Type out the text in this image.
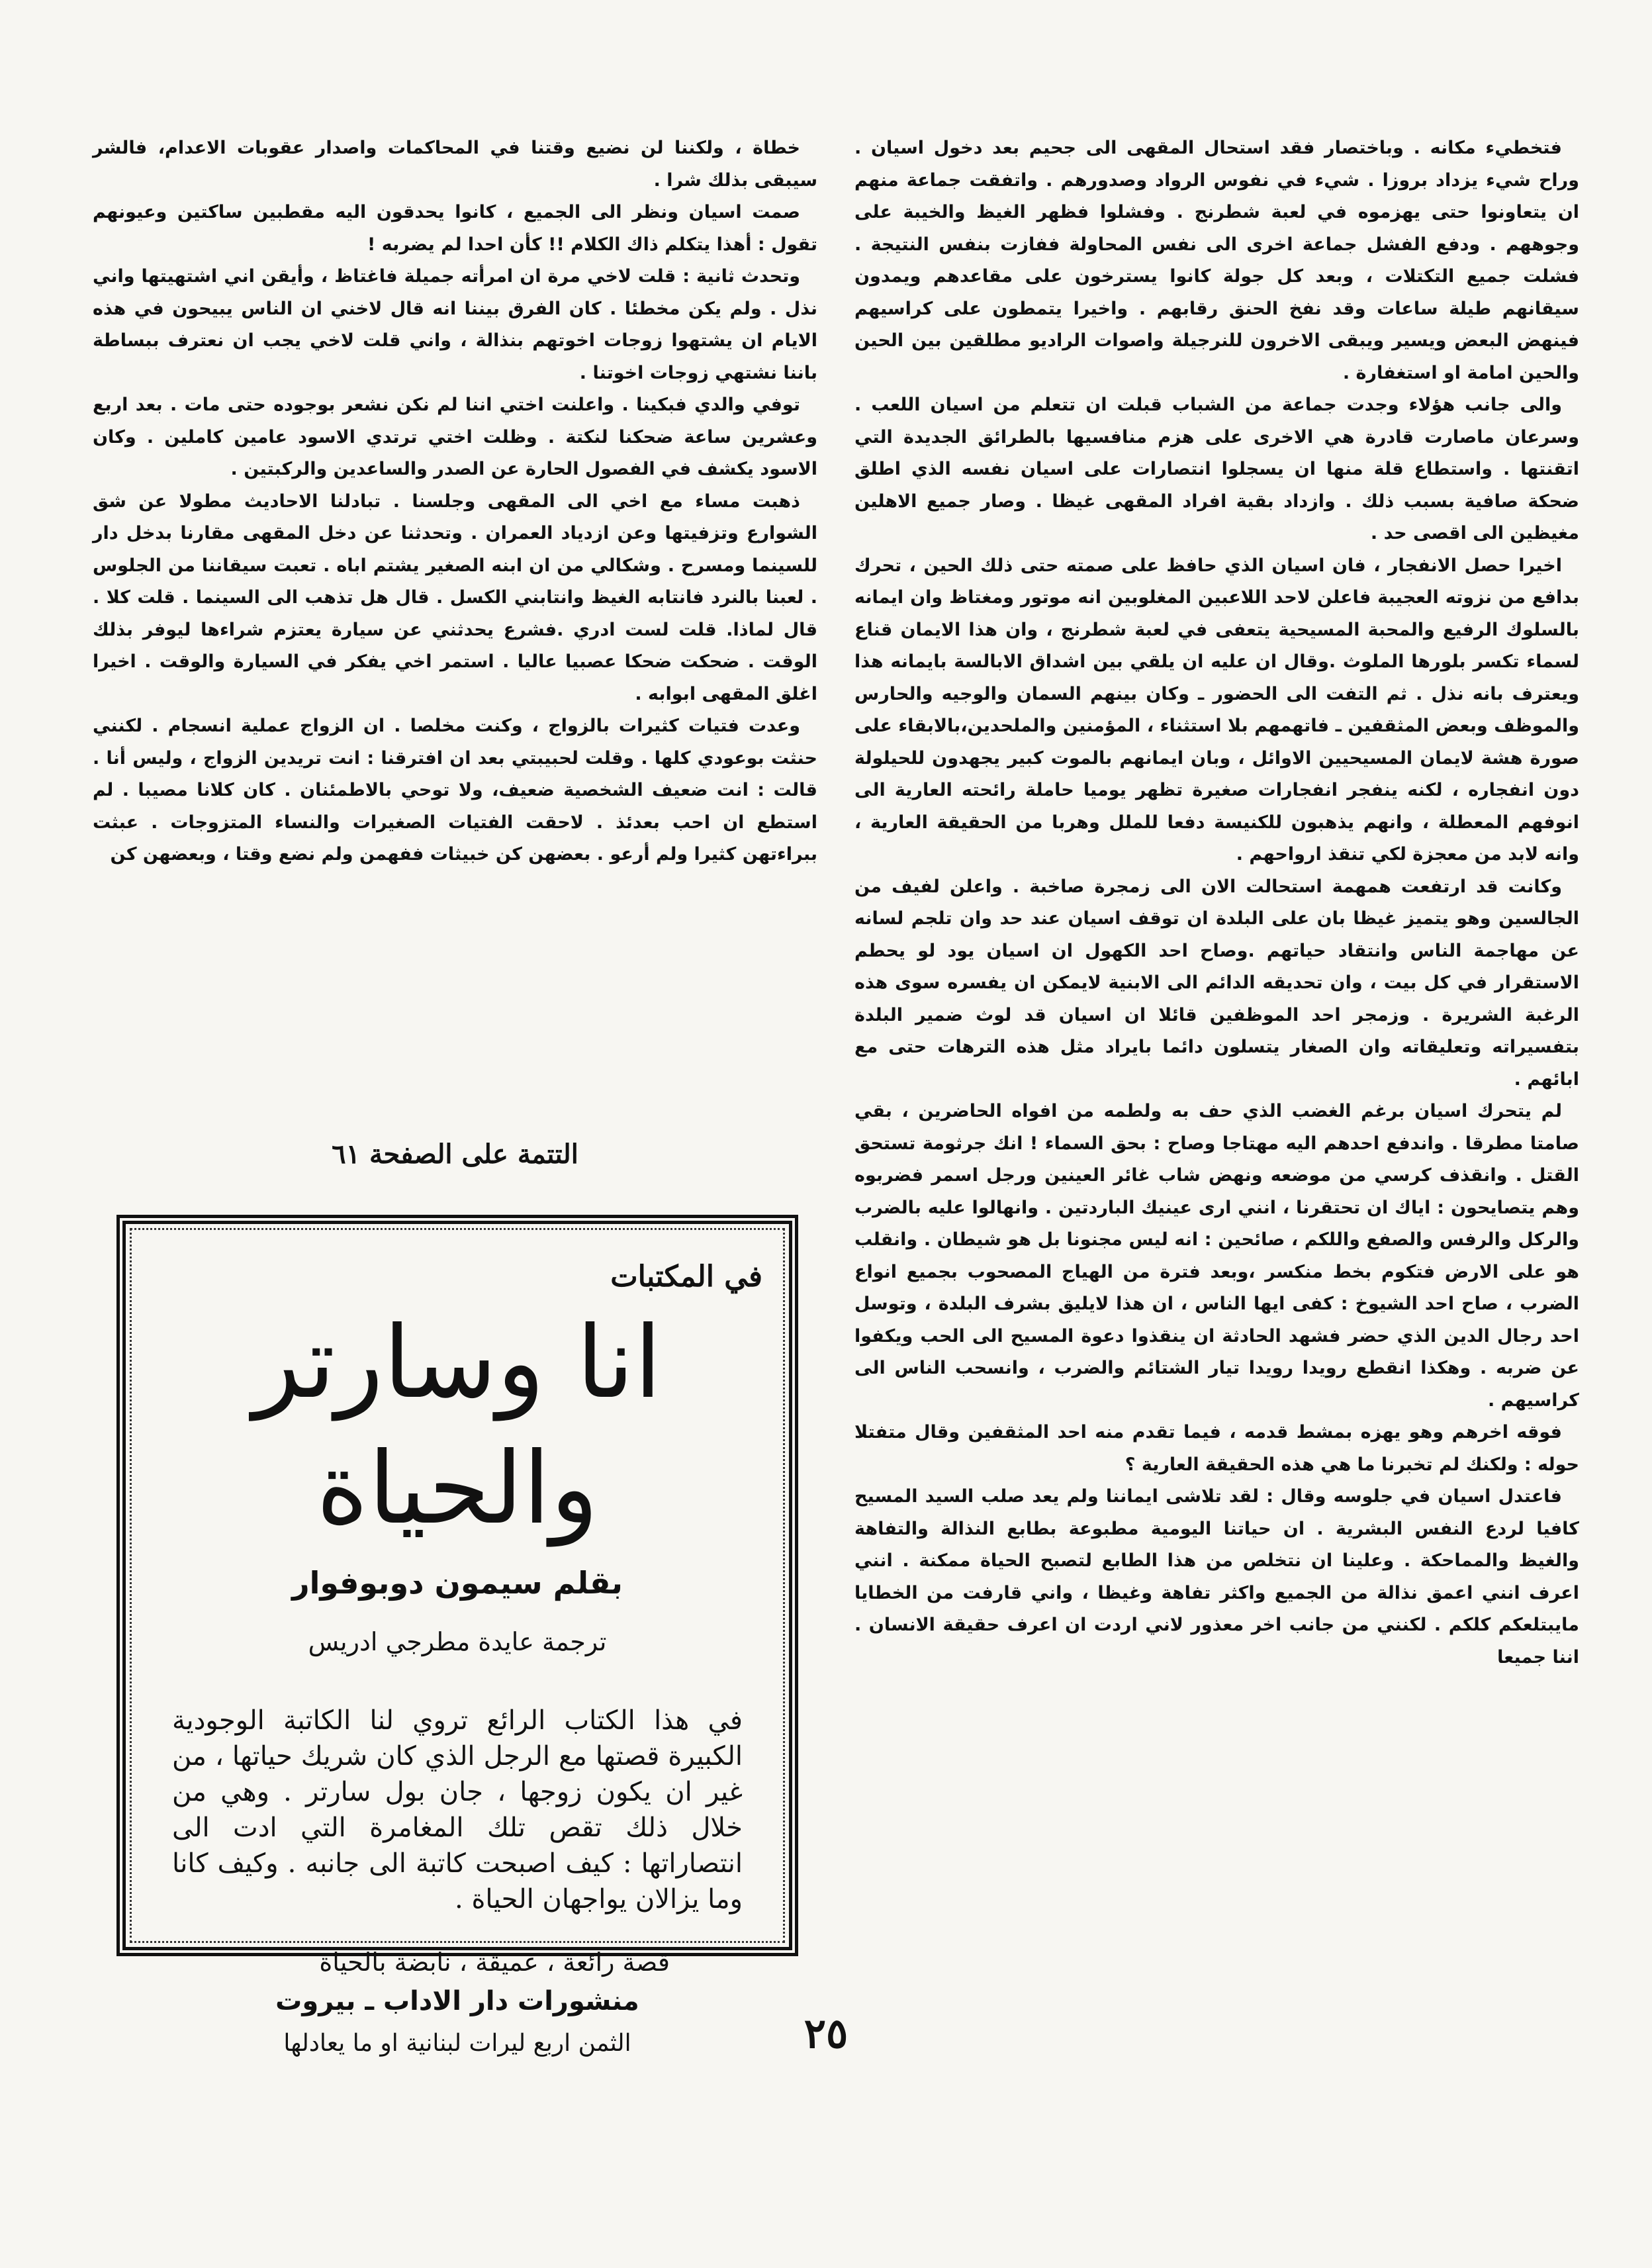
فتخطيء مكانه . وباختصار فقد استحال المقهى الى جحيم بعد دخول اسيان . وراح شيء يزداد بروزا . شيء في نفوس الرواد وصدورهم . واتفقت جماعة منهم ان يتعاونوا حتى يهزموه في لعبة شطرنج . وفشلوا فظهر الغيظ والخيبة على وجوههم . ودفع الفشل جماعة اخرى الى نفس المحاولة ففازت بنفس النتيجة . فشلت جميع التكتلات ، وبعد كل جولة كانوا يسترخون على مقاعدهم ويمدون سيقانهم طيلة ساعات وقد نفخ الحنق رقابهم . واخيرا يتمطون على كراسيهم فينهض البعض ويسير ويبقى الاخرون للنرجيلة واصوات الراديو مطلقين بين الحين والحين امامة او استغفارة .

والى جانب هؤلاء وجدت جماعة من الشباب قبلت ان تتعلم من اسيان اللعب . وسرعان ماصارت قادرة هي الاخرى على هزم منافسيها بالطرائق الجديدة التي اتقنتها . واستطاع قلة منها ان يسجلوا انتصارات على اسيان نفسه الذي اطلق ضحكة صافية بسبب ذلك . وازداد بقية افراد المقهى غيظا . وصار جميع الاهلين مغيظين الى اقصى حد .

اخيرا حصل الانفجار ، فان اسيان الذي حافظ على صمته حتى ذلك الحين ، تحرك بدافع من نزوته العجيبة فاعلن لاحد اللاعبين المغلوبين انه موتور ومغتاظ وان ايمانه بالسلوك الرفيع والمحبة المسيحية يتعفى في لعبة شطرنج ، وان هذا الايمان قناع لسماء تكسر بلورها الملوث .وقال ان عليه ان يلقي بين اشداق الابالسة بايمانه هذا ويعترف بانه نذل . ثم التفت الى الحضور ـ وكان بينهم السمان والوجيه والحارس والموظف وبعض المثقفين ـ فاتهمهم بلا استثناء ، المؤمنين والملحدين،بالابقاء على صورة هشة لايمان المسيحيين الاوائل ، وبان ايمانهم بالموت كبير يجهدون للحيلولة دون انفجاره ، لكنه ينفجر انفجارات صغيرة تظهر يوميا حاملة رائحته العارية الى انوفهم المعطلة ، وانهم يذهبون للكنيسة دفعا للملل وهربا من الحقيقة العارية ، وانه لابد من معجزة لكي تنقذ ارواحهم .

وكانت قد ارتفعت همهمة استحالت الان الى زمجرة صاخبة . واعلن لفيف من الجالسين وهو يتميز غيظا بان على البلدة ان توقف اسيان عند حد وان تلجم لسانه عن مهاجمة الناس وانتقاد حياتهم .وصاح احد الكهول ان اسيان يود لو يحطم الاستقرار في كل بيت ، وان تحديقه الدائم الى الابنية لايمكن ان يفسره سوى هذه الرغبة الشريرة . وزمجر احد الموظفين قائلا ان اسيان قد لوث ضمير البلدة بتفسيراته وتعليقاته وان الصغار يتسلون دائما بايراد مثل هذه الترهات حتى مع ابائهم .

لم يتحرك اسيان برغم الغضب الذي حف به ولطمه من افواه الحاضرين ، بقي صامتا مطرقا . واندفع احدهم اليه مهتاجا وصاح : بحق السماء ! انك جرثومة تستحق القتل . وانقذف كرسي من موضعه ونهض شاب غائر العينين ورجل اسمر فضربوه وهم يتصايحون : اياك ان تحتقرنا ، انني ارى عينيك الباردتين . وانهالوا عليه بالضرب والركل والرفس والصفع واللكم ، صائحين : انه ليس مجنونا بل هو شيطان . وانقلب هو على الارض فتكوم بخط منكسر ،وبعد فترة من الهياج المصحوب بجميع انواع الضرب ، صاح احد الشيوخ : كفى ايها الناس ، ان هذا لايليق بشرف البلدة ، وتوسل احد رجال الدين الذي حضر فشهد الحادثة ان ينقذوا دعوة المسيح الى الحب ويكفوا عن ضربه . وهكذا انقطع رويدا رويدا تيار الشتائم والضرب ، وانسحب الناس الى كراسيهم .

فوقه اخرهم وهو يهزه بمشط قدمه ، فيما تقدم منه احد المثقفين وقال متفتلا حوله : ولكنك لم تخبرنا ما هي هذه الحقيقة العارية ؟

فاعتدل اسيان في جلوسه وقال : لقد تلاشى ايماننا ولم يعد صلب السيد المسيح كافيا لردع النفس البشرية . ان حياتنا اليومية مطبوعة بطابع النذالة والتفاهة والغيظ والمماحكة . وعلينا ان نتخلص من هذا الطابع لتصبح الحياة ممكنة . انني اعرف انني اعمق نذالة من الجميع واكثر تفاهة وغيظا ، واني قارفت من الخطايا مايبتلعكم كلكم . لكنني من جانب اخر معذور لاني اردت ان اعرف حقيقة الانسان . اننا جميعا

خطاة ، ولكننا لن نضيع وقتنا في المحاكمات واصدار عقوبات الاعدام، فالشر سيبقى بذلك شرا .

صمت اسيان ونظر الى الجميع ، كانوا يحدقون اليه مقطبين ساكتين وعيونهم تقول : أهذا يتكلم ذاك الكلام !! كأن احدا لم يضربه !

وتحدث ثانية : قلت لاخي مرة ان امرأته جميلة فاغتاظ ، وأيقن اني اشتهيتها واني نذل . ولم يكن مخطئا . كان الفرق بيننا انه قال لاخني ان الناس يبيحون في هذه الايام ان يشتهوا زوجات اخوتهم بنذالة ، واني قلت لاخي يجب ان نعترف ببساطة باننا نشتهي زوجات اخوتنا .

توفي والدي فبكينا . واعلنت اختي اننا لم نكن نشعر بوجوده حتى مات . بعد اربع وعشرين ساعة ضحكنا لنكتة . وظلت اختي ترتدي الاسود عامين كاملين . وكان الاسود يكشف في الفصول الحارة عن الصدر والساعدين والركبتين .

ذهبت مساء مع اخي الى المقهى وجلسنا . تبادلنا الاحاديث مطولا عن شق الشوارع وتزفيتها وعن ازدياد العمران . وتحدثنا عن دخل المقهى مقارنا بدخل دار للسينما ومسرح . وشكالي من ان ابنه الصغير يشتم اباه . تعبت سيقاننا من الجلوس . لعبنا بالنرد فانتابه الغيظ وانتابني الكسل . قال هل تذهب الى السينما . قلت كلا . قال لماذا. قلت لست ادري .فشرع يحدثني عن سيارة يعتزم شراءها ليوفر بذلك الوقت . ضحكت ضحكا عصبيا عاليا . استمر اخي يفكر في السيارة والوقت . اخيرا اغلق المقهى ابوابه .

وعدت فتيات كثيرات بالزواج ، وكنت مخلصا . ان الزواج عملية انسجام . لكنني حنثت بوعودي كلها . وقلت لحبيبتي بعد ان افترقنا : انت تريدين الزواج ، وليس أنا . قالت : انت ضعيف الشخصية ضعيف، ولا توحي بالاطمئنان . كان كلانا مصيبا . لم استطع ان احب بعدئذ . لاحقت الفتيات الصغيرات والنساء المتزوجات . عبثت ببراءتهن كثيرا ولم أرعو . بعضهن كن خبيثات ففهمن ولم نضع وقتا ، وبعضهن كن

التتمة على الصفحة ٦١
في المكتبات
انا وسارتر والحياة
بقلم سيمون دوبوفوار
ترجمة عايدة مطرجي ادريس
في هذا الكتاب الرائع تروي لنا الكاتبة الوجودية الكبيرة قصتها مع الرجل الذي كان شريك حياتها ، من غير ان يكون زوجها ، جان بول سارتر . وهي من خلال ذلك تقص تلك المغامرة التي ادت الى انتصاراتها : كيف اصبحت كاتبة الى جانبه . وكيف كانا وما يزالان يواجهان الحياة .
قصة رائعة ، عميقة ، نابضة بالحياة
منشورات دار الاداب ـ بيروت
الثمن اربع ليرات لبنانية او ما يعادلها	٢٥
